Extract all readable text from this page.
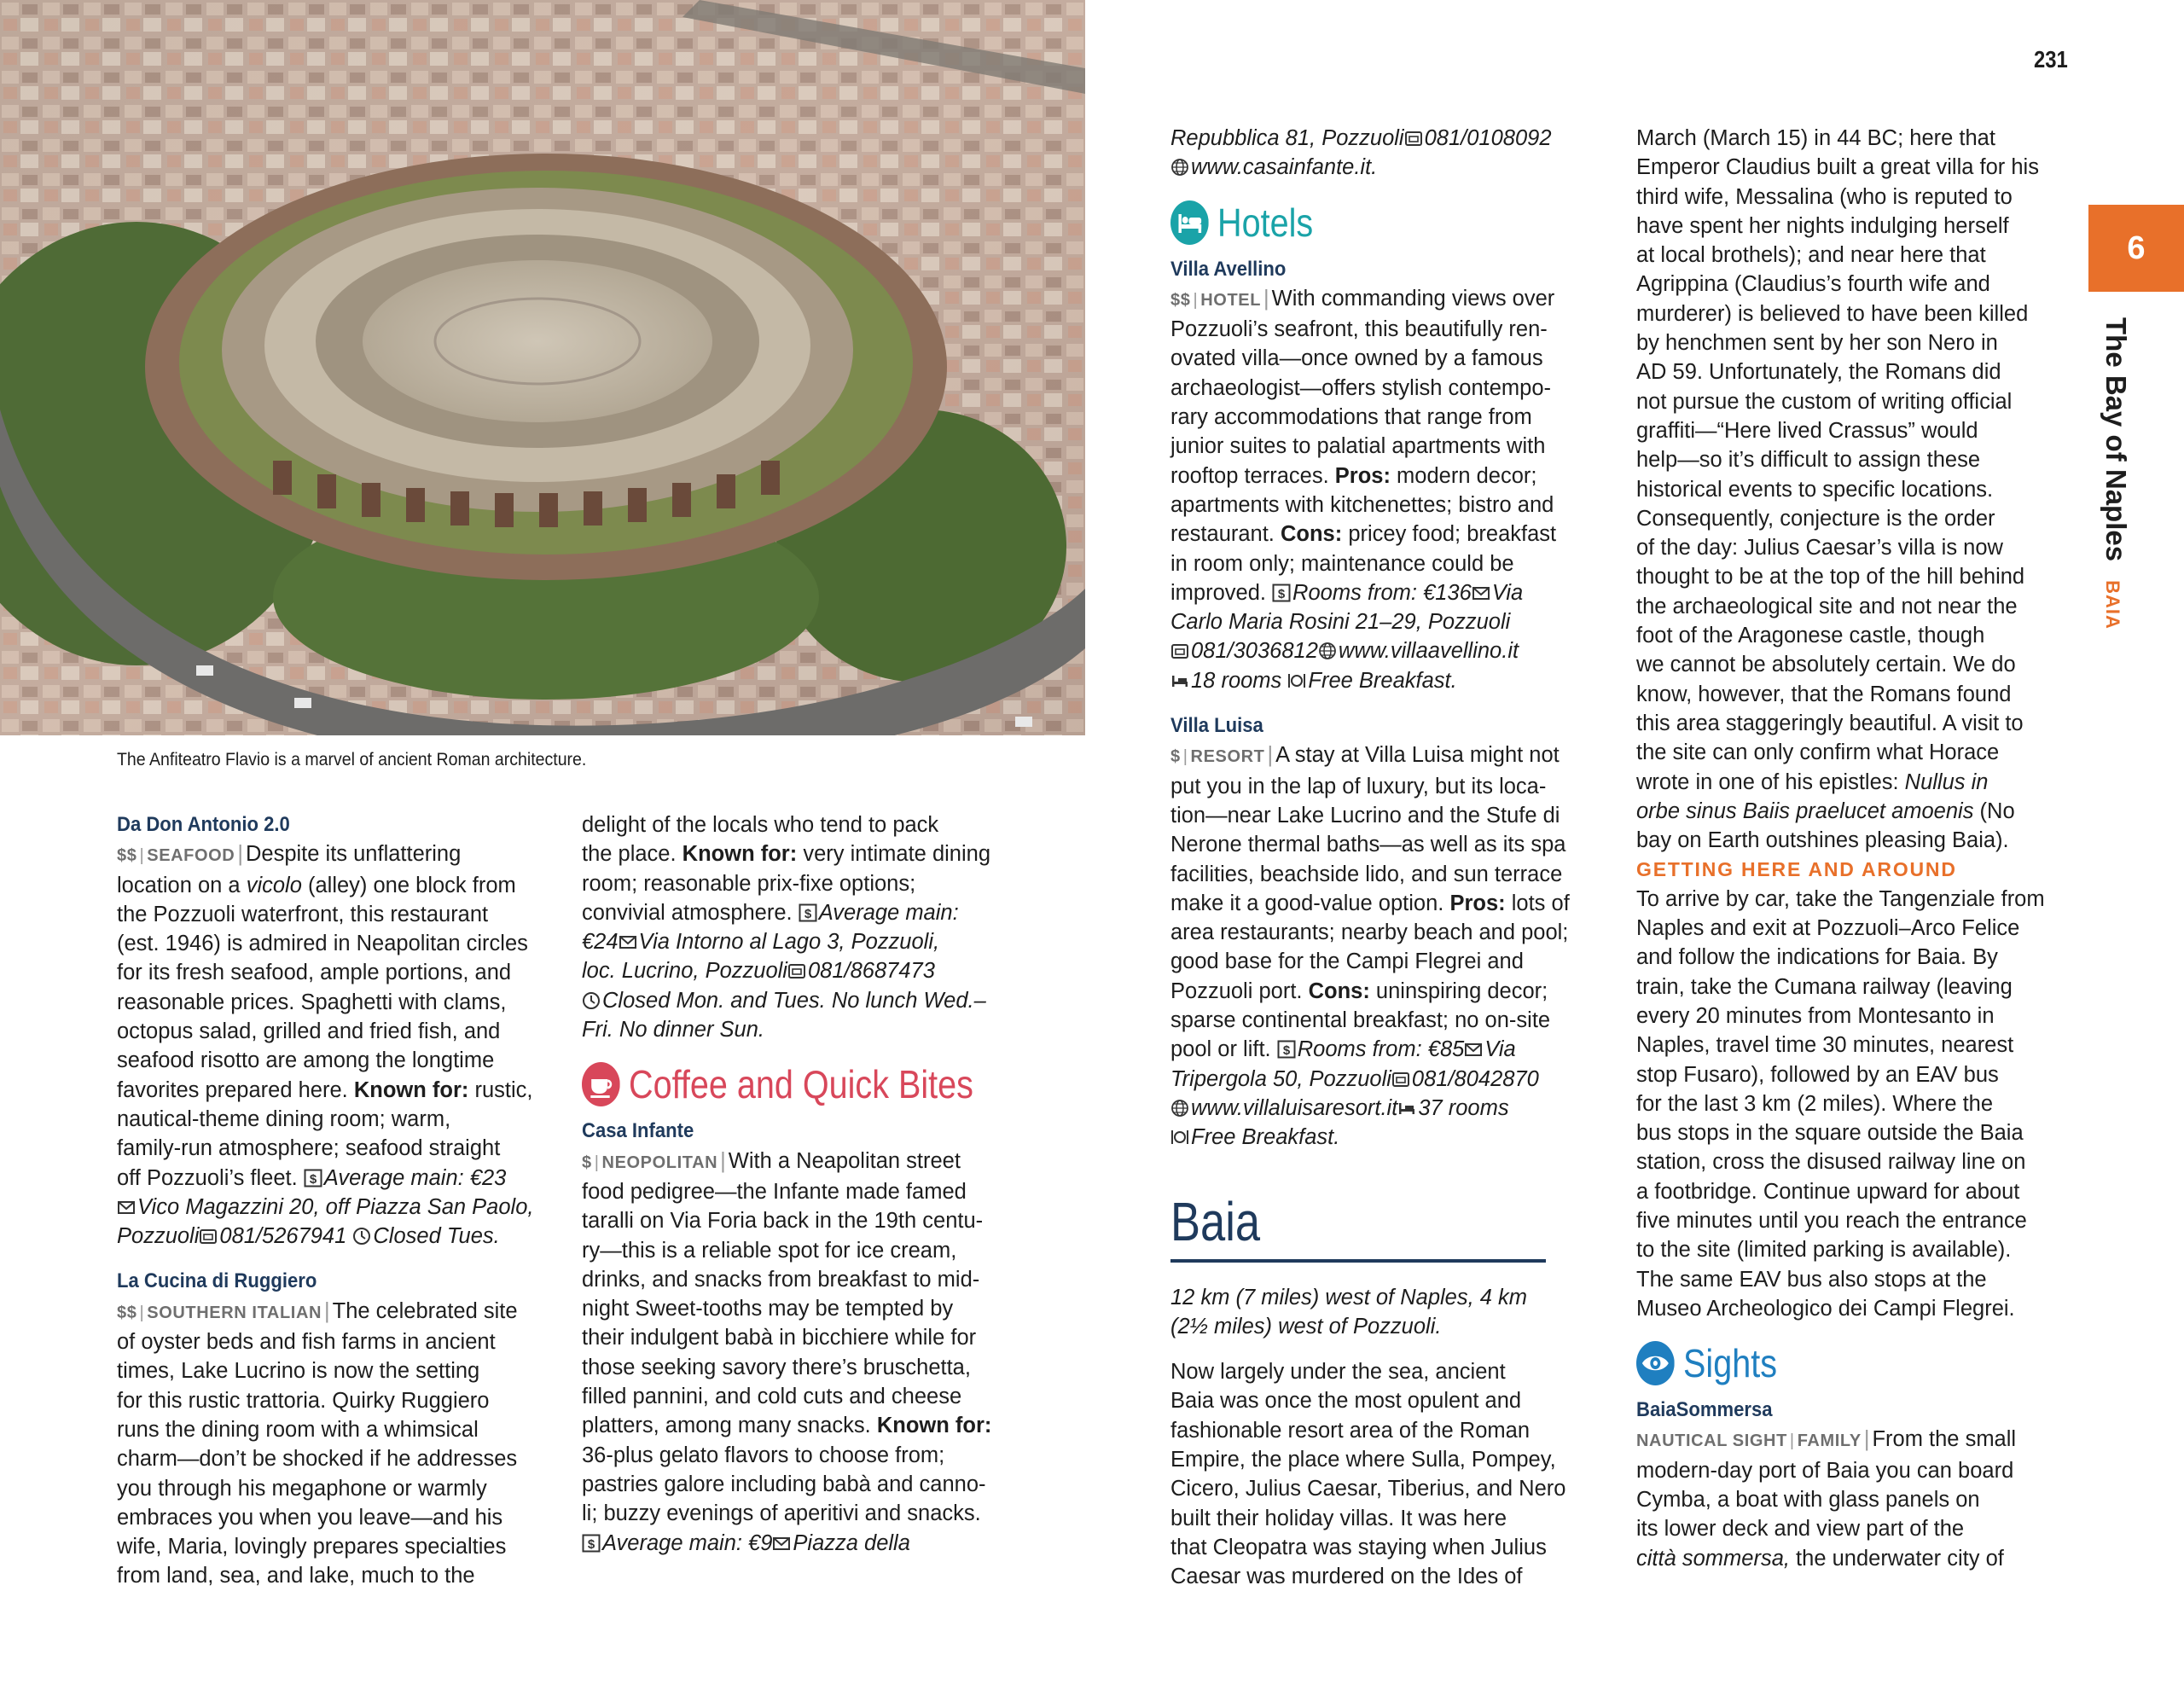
The Anfiteatro Flavio is a marvel of ancient Roman architecture.
231
6
The Bay of NaplesBAIA

Da Don Antonio 2.0

$$ | SEAFOOD | Despite its unflattering

location on a vicolo (alley) one block from

the Pozzuoli waterfront, this restaurant

(est. 1946) is admired in Neapolitan circles

for its fresh seafood, ample portions, and

reasonable prices. Spaghetti with clams,

octopus salad, grilled and fried fish, and

seafood risotto are among the longtime

favorites prepared here. Known for: rustic,

nautical-theme dining room; warm,

family-run atmosphere; seafood straight

off Pozzuoli’s fleet. $ Average main: €23

Vico Magazzini 20, off Piazza San Paolo,

Pozzuoli 081/5267941 Closed Tues.

La Cucina di Ruggiero

$$ | SOUTHERN ITALIAN | The celebrated site

of oyster beds and fish farms in ancient

times, Lake Lucrino is now the setting

for this rustic trattoria. Quirky Ruggiero

runs the dining room with a whimsical

charm—don’t be shocked if he addresses

you through his megaphone or warmly

embraces you when you leave—and his

wife, Maria, lovingly prepares specialties

from land, sea, and lake, much to the

delight of the locals who tend to pack

the place. Known for: very intimate dining

room; reasonable prix-fixe options;

convivial atmosphere. $ Average main:

€24 Via Intorno al Lago 3, Pozzuoli,

loc. Lucrino, Pozzuoli 081/8687473

Closed Mon. and Tues. No lunch Wed.–

Fri. No dinner Sun.

Coffee and Quick Bites

Casa Infante

$ | NEOPOLITAN | With a Neapolitan street

food pedigree—the Infante made famed

taralli on Via Foria back in the 19th centu-

ry—this is a reliable spot for ice cream,

drinks, and snacks from breakfast to mid-

night Sweet-tooths may be tempted by

their indulgent babà in bicchiere while for

those seeking savory there’s bruschetta,

filled pannini, and cold cuts and cheese

platters, among many snacks. Known for:

36-plus gelato flavors to choose from;

pastries galore including babà and canno-

li; buzzy evenings of aperitivi and snacks.

$ Average main: €9 Piazza della

Repubblica 81, Pozzuoli 081/0108092

www.casainfante.it.

Hotels

Villa Avellino

$$ | HOTEL | With commanding views over

Pozzuoli’s seafront, this beautifully ren-

ovated villa—once owned by a famous

archaeologist—offers stylish contempo-

rary accommodations that range from

junior suites to palatial apartments with

rooftop terraces. Pros: modern decor;

apartments with kitchenettes; bistro and

restaurant. Cons: pricey food; breakfast

in room only; maintenance could be

improved. $ Rooms from: €136 Via

Carlo Maria Rosini 21–29, Pozzuoli

081/3036812 www.villaavellino.it

18 rooms Free Breakfast.

Villa Luisa

$ | RESORT | A stay at Villa Luisa might not

put you in the lap of luxury, but its loca-

tion—near Lake Lucrino and the Stufe di

Nerone thermal baths—as well as its spa

facilities, beachside lido, and sun terrace

make it a good-value option. Pros: lots of

area restaurants; nearby beach and pool;

good base for the Campi Flegrei and

Pozzuoli port. Cons: uninspiring decor;

sparse continental breakfast; no on-site

pool or lift. $ Rooms from: €85 Via

Tripergola 50, Pozzuoli 081/8042870

www.villaluisaresort.it 37 rooms

Free Breakfast.

Baia

12 km (7 miles) west of Naples, 4 km

(2½ miles) west of Pozzuoli.

Now largely under the sea, ancient

Baia was once the most opulent and

fashionable resort area of the Roman

Empire, the place where Sulla, Pompey,

Cicero, Julius Caesar, Tiberius, and Nero

built their holiday villas. It was here

that Cleopatra was staying when Julius

Caesar was murdered on the Ides of

March (March 15) in 44 BC; here that

Emperor Claudius built a great villa for his

third wife, Messalina (who is reputed to

have spent her nights indulging herself

at local brothels); and near here that

Agrippina (Claudius’s fourth wife and

murderer) is believed to have been killed

by henchmen sent by her son Nero in

AD 59. Unfortunately, the Romans did

not pursue the custom of writing official

graffiti—“Here lived Crassus” would

help—so it’s difficult to assign these

historical events to specific locations.

Consequently, conjecture is the order

of the day: Julius Caesar’s villa is now

thought to be at the top of the hill behind

the archaeological site and not near the

foot of the Aragonese castle, though

we cannot be absolutely certain. We do

know, however, that the Romans found

this area staggeringly beautiful. A visit to

the site can only confirm what Horace

wrote in one of his epistles: Nullus in

orbe sinus Baiis praelucet amoenis (No

bay on Earth outshines pleasing Baia).

GETTING HERE AND AROUND

To arrive by car, take the Tangenziale from

Naples and exit at Pozzuoli–Arco Felice

and follow the indications for Baia. By

train, take the Cumana railway (leaving

every 20 minutes from Montesanto in

Naples, travel time 30 minutes, nearest

stop Fusaro), followed by an EAV bus

for the last 3 km (2 miles). Where the

bus stops in the square outside the Baia

station, cross the disused railway line on

a footbridge. Continue upward for about

five minutes until you reach the entrance

to the site (limited parking is available).

The same EAV bus also stops at the

Museo Archeologico dei Campi Flegrei.

Sights

BaiaSommersa

NAUTICAL SIGHT | FAMILY | From the small

modern-day port of Baia you can board

Cymba, a boat with glass panels on

its lower deck and view part of the

città sommersa, the underwater city of
